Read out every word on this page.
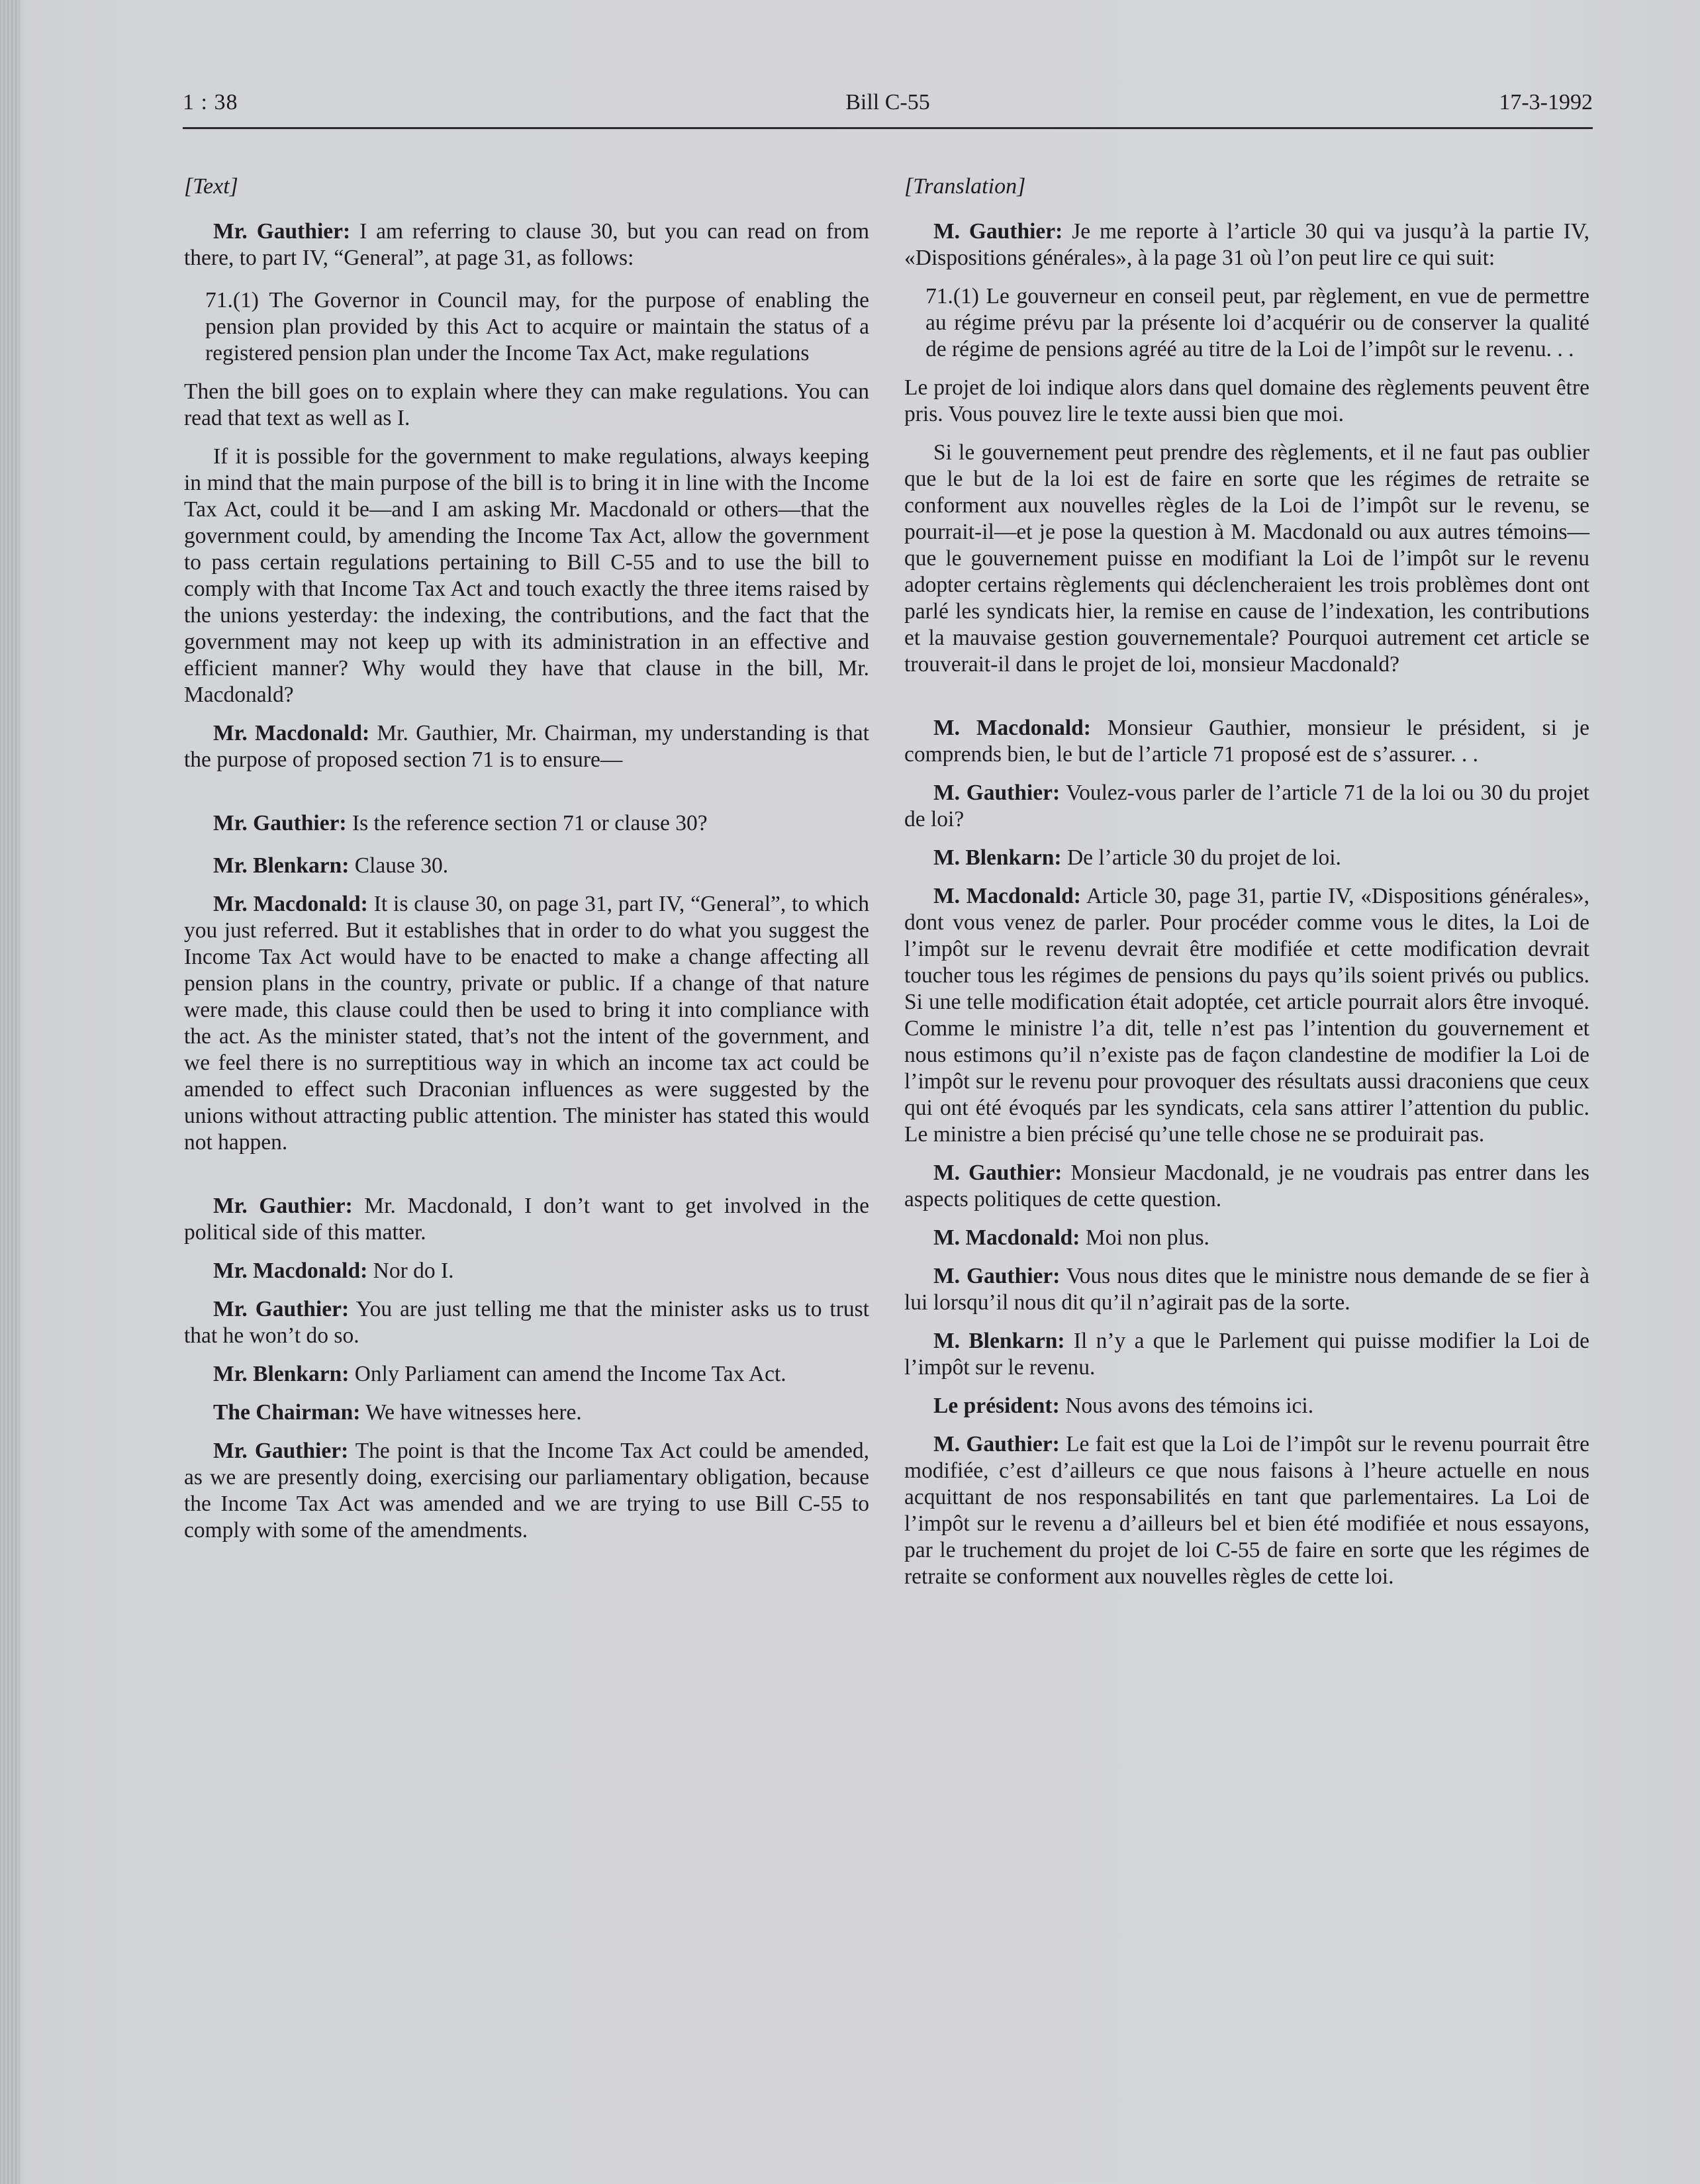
1 : 38	Bill C-55	17-3-1992
[Text]

Mr. Gauthier: I am referring to clause 30, but you can read on from there, to part IV, “General”, at page 31, as follows:

71.(1) The Governor in Council may, for the purpose of enabling the pension plan provided by this Act to acquire or maintain the status of a registered pension plan under the Income Tax Act, make regulations

Then the bill goes on to explain where they can make regulations. You can read that text as well as I.

If it is possible for the government to make regulations, always keeping in mind that the main purpose of the bill is to bring it in line with the Income Tax Act, could it be—and I am asking Mr. Macdonald or others—that the government could, by amending the Income Tax Act, allow the government to pass certain regulations pertaining to Bill C-55 and to use the bill to comply with that Income Tax Act and touch exactly the three items raised by the unions yesterday: the indexing, the contributions, and the fact that the government may not keep up with its administration in an effective and efficient manner? Why would they have that clause in the bill, Mr. Macdonald?

Mr. Macdonald: Mr. Gauthier, Mr. Chairman, my understanding is that the purpose of proposed section 71 is to ensure—

Mr. Gauthier: Is the reference section 71 or clause 30?

Mr. Blenkarn: Clause 30.

Mr. Macdonald: It is clause 30, on page 31, part IV, “General”, to which you just referred. But it establishes that in order to do what you suggest the Income Tax Act would have to be enacted to make a change affecting all pension plans in the country, private or public. If a change of that nature were made, this clause could then be used to bring it into compliance with the act. As the minister stated, that’s not the intent of the government, and we feel there is no surreptitious way in which an income tax act could be amended to effect such Draconian influences as were suggested by the unions without attracting public attention. The minister has stated this would not happen.

Mr. Gauthier: Mr. Macdonald, I don’t want to get involved in the political side of this matter.

Mr. Macdonald: Nor do I.

Mr. Gauthier: You are just telling me that the minister asks us to trust that he won’t do so.

Mr. Blenkarn: Only Parliament can amend the Income Tax Act.

The Chairman: We have witnesses here.

Mr. Gauthier: The point is that the Income Tax Act could be amended, as we are presently doing, exercising our parliamentary obligation, because the Income Tax Act was amended and we are trying to use Bill C-55 to comply with some of the amendments.

[Translation]

M. Gauthier: Je me reporte à l’article 30 qui va jusqu’à la partie IV, «Dispositions générales», à la page 31 où l’on peut lire ce qui suit:

71.(1) Le gouverneur en conseil peut, par règlement, en vue de permettre au régime prévu par la présente loi d’acquérir ou de conserver la qualité de régime de pensions agréé au titre de la Loi de l’impôt sur le revenu. . .

Le projet de loi indique alors dans quel domaine des règlements peuvent être pris. Vous pouvez lire le texte aussi bien que moi.

Si le gouvernement peut prendre des règlements, et il ne faut pas oublier que le but de la loi est de faire en sorte que les régimes de retraite se conforment aux nouvelles règles de la Loi de l’impôt sur le revenu, se pourrait-il—et je pose la question à M. Macdonald ou aux autres témoins—que le gouvernement puisse en modifiant la Loi de l’impôt sur le revenu adopter certains règlements qui déclencheraient les trois problèmes dont ont parlé les syndicats hier, la remise en cause de l’indexation, les contributions et la mauvaise gestion gouvernementale? Pourquoi autrement cet article se trouverait-il dans le projet de loi, monsieur Macdonald?

M. Macdonald: Monsieur Gauthier, monsieur le président, si je comprends bien, le but de l’article 71 proposé est de s’assurer. . .

M. Gauthier: Voulez-vous parler de l’article 71 de la loi ou 30 du projet de loi?

M. Blenkarn: De l’article 30 du projet de loi.

M. Macdonald: Article 30, page 31, partie IV, «Dispositions générales», dont vous venez de parler. Pour procéder comme vous le dites, la Loi de l’impôt sur le revenu devrait être modifiée et cette modification devrait toucher tous les régimes de pensions du pays qu’ils soient privés ou publics. Si une telle modification était adoptée, cet article pourrait alors être invoqué. Comme le ministre l’a dit, telle n’est pas l’intention du gouvernement et nous estimons qu’il n’existe pas de façon clandestine de modifier la Loi de l’impôt sur le revenu pour provoquer des résultats aussi draconiens que ceux qui ont été évoqués par les syndicats, cela sans attirer l’attention du public. Le ministre a bien précisé qu’une telle chose ne se produirait pas.

M. Gauthier: Monsieur Macdonald, je ne voudrais pas entrer dans les aspects politiques de cette question.

M. Macdonald: Moi non plus.

M. Gauthier: Vous nous dites que le ministre nous demande de se fier à lui lorsqu’il nous dit qu’il n’agirait pas de la sorte.

M. Blenkarn: Il n’y a que le Parlement qui puisse modifier la Loi de l’impôt sur le revenu.

Le président: Nous avons des témoins ici.

M. Gauthier: Le fait est que la Loi de l’impôt sur le revenu pourrait être modifiée, c’est d’ailleurs ce que nous faisons à l’heure actuelle en nous acquittant de nos responsabilités en tant que parlementaires. La Loi de l’impôt sur le revenu a d’ailleurs bel et bien été modifiée et nous essayons, par le truchement du projet de loi C-55 de faire en sorte que les régimes de retraite se conforment aux nouvelles règles de cette loi.
